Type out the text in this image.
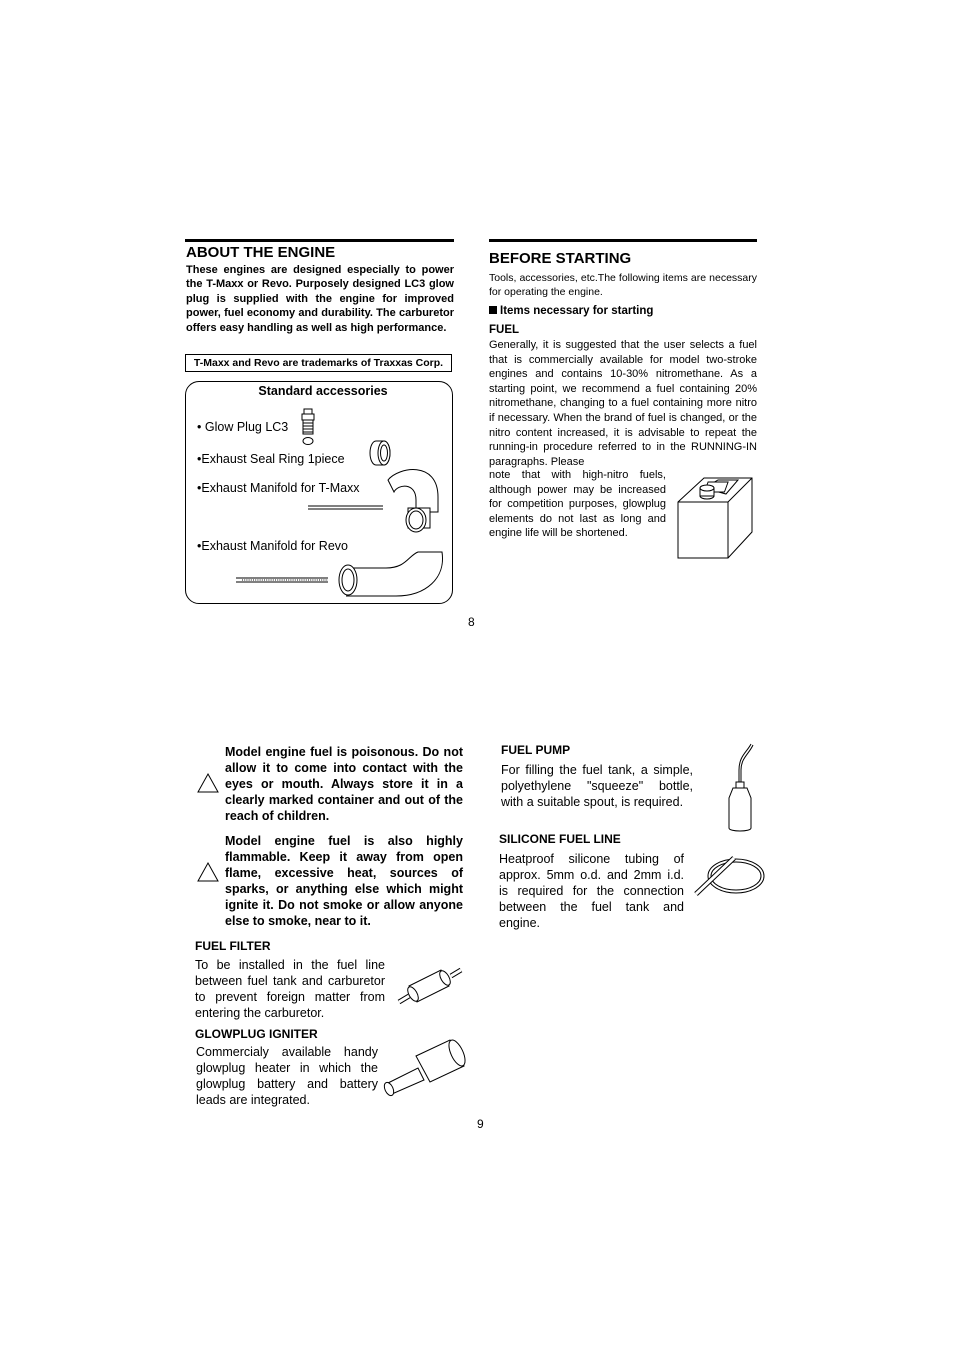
ABOUT THE ENGINE
These engines are designed especially to power the T-Maxx or Revo. Purposely designed LC3 glow plug is supplied with the engine for improved power, fuel economy and durability. The carburetor offers easy handling as well as high performance.
T-Maxx and Revo are trademarks of Traxxas Corp.
Standard accessories
• Glow Plug LC3
•Exhaust Seal Ring 1piece
•Exhaust Manifold for T-Maxx
•Exhaust Manifold for Revo
BEFORE STARTING
Tools, accessories, etc.The following items are necessary for operating the engine.
Items necessary for starting
FUEL
Generally, it is suggested that the user selects a fuel that is commercially available for model two-stroke engines and contains 10-30% nitromethane. As a starting point, we recommend a fuel containing 20% nitromethane, changing to a fuel containing more nitro if necessary. When the brand of fuel is changed, or the nitro content increased, it is advisable to repeat the running-in procedure referred to in the RUNNING-IN paragraphs. Please
note that with high-nitro fuels, although power may be increased for competition purposes, glowplug elements do not last as long and engine life will be shortened.
8
Model engine fuel is poisonous. Do not allow it to come into contact with the eyes or mouth. Always store it in a clearly marked container and out of the reach of children.
Model engine fuel is also highly flammable. Keep it away from open flame, excessive heat, sources of sparks, or anything else which might ignite it. Do not smoke or allow anyone else to smoke, near to it.
FUEL FILTER
To be installed in the fuel line between fuel tank and carburetor to prevent foreign matter from entering the carburetor.
GLOWPLUG IGNITER
Commercialy available handy glowplug heater in which the glowplug battery and battery leads are integrated.
9
FUEL PUMP
For filling the fuel tank, a simple, polyethylene "squeeze" bottle, with a suitable spout, is required.
SILICONE FUEL LINE
Heatproof silicone tubing of approx. 5mm o.d. and 2mm i.d. is required for the connection between the fuel tank and engine.
